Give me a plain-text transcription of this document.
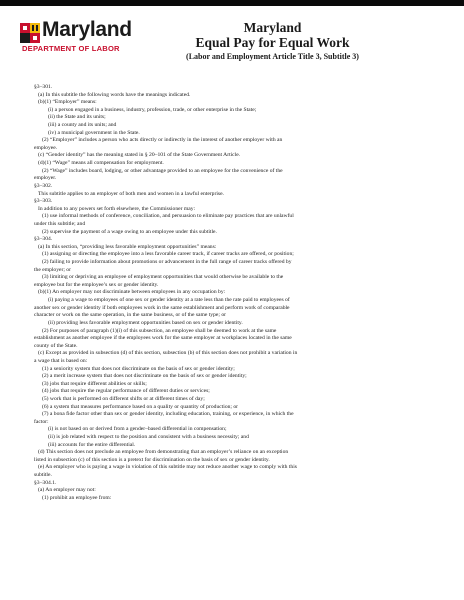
Maryland
DEPARTMENT OF LABOR
Maryland
Equal Pay for Equal Work
(Labor and Employment Article Title 3, Subtitle 3)
§3–301.
(a) In this subtitle the following words have the meanings indicated.
(b)(1) “Employer” means:
(i) a person engaged in a business, industry, profession, trade, or other enterprise in the State;
(ii) the State and its units;
(iii) a county and its units; and
(iv) a municipal government in the State.
(2) “Employer” includes a person who acts directly or indirectly in the interest of another employer with an
employee.
(c) “Gender identity” has the meaning stated in § 20–101 of the State Government Article.
(d)(1) “Wage” means all compensation for employment.
(2) “Wage” includes board, lodging, or other advantage provided to an employee for the convenience of the
employer.
§3–302.
This subtitle applies to an employer of both men and women in a lawful enterprise.
§3–303.
In addition to any powers set forth elsewhere, the Commissioner may:
(1) use informal methods of conference, conciliation, and persuasion to eliminate pay practices that are unlawful
under this subtitle; and
(2) supervise the payment of a wage owing to an employee under this subtitle.
§3–304.
(a) In this section, “providing less favorable employment opportunities” means:
(1) assigning or directing the employee into a less favorable career track, if career tracks are offered, or position;
(2) failing to provide information about promotions or advancement in the full range of career tracks offered by
the employer; or
(3) limiting or depriving an employee of employment opportunities that would otherwise be available to the
employee but for the employee’s sex or gender identity.
(b)(1) An employer may not discriminate between employees in any occupation by:
(i) paying a wage to employees of one sex or gender identity at a rate less than the rate paid to employees of
another sex or gender identity if both employees work in the same establishment and perform work of comparable
character or work on the same operation, in the same business, or of the same type; or
(ii) providing less favorable employment opportunities based on sex or gender identity.
(2) For purposes of paragraph (1)(i) of this subsection, an employee shall be deemed to work at the same
establishment as another employee if the employees work for the same employer at workplaces located in the same
county of the State.
(c) Except as provided in subsection (d) of this section, subsection (b) of this section does not prohibit a variation in
a wage that is based on:
(1) a seniority system that does not discriminate on the basis of sex or gender identity;
(2) a merit increase system that does not discriminate on the basis of sex or gender identity;
(3) jobs that require different abilities or skills;
(4) jobs that require the regular performance of different duties or services;
(5) work that is performed on different shifts or at different times of day;
(6) a system that measures performance based on a quality or quantity of production; or
(7) a bona fide factor other than sex or gender identity, including education, training, or experience, in which the
factor:
(i) is not based on or derived from a gender–based differential in compensation;
(ii) is job related with respect to the position and consistent with a business necessity; and
(iii) accounts for the entire differential.
(d) This section does not preclude an employee from demonstrating that an employer’s reliance on an exception
listed in subsection (c) of this section is a pretext for discrimination on the basis of sex or gender identity.
(e) An employer who is paying a wage in violation of this subtitle may not reduce another wage to comply with this
subtitle.
§3–304.1.
(a) An employer may not:
(1) prohibit an employee from:
